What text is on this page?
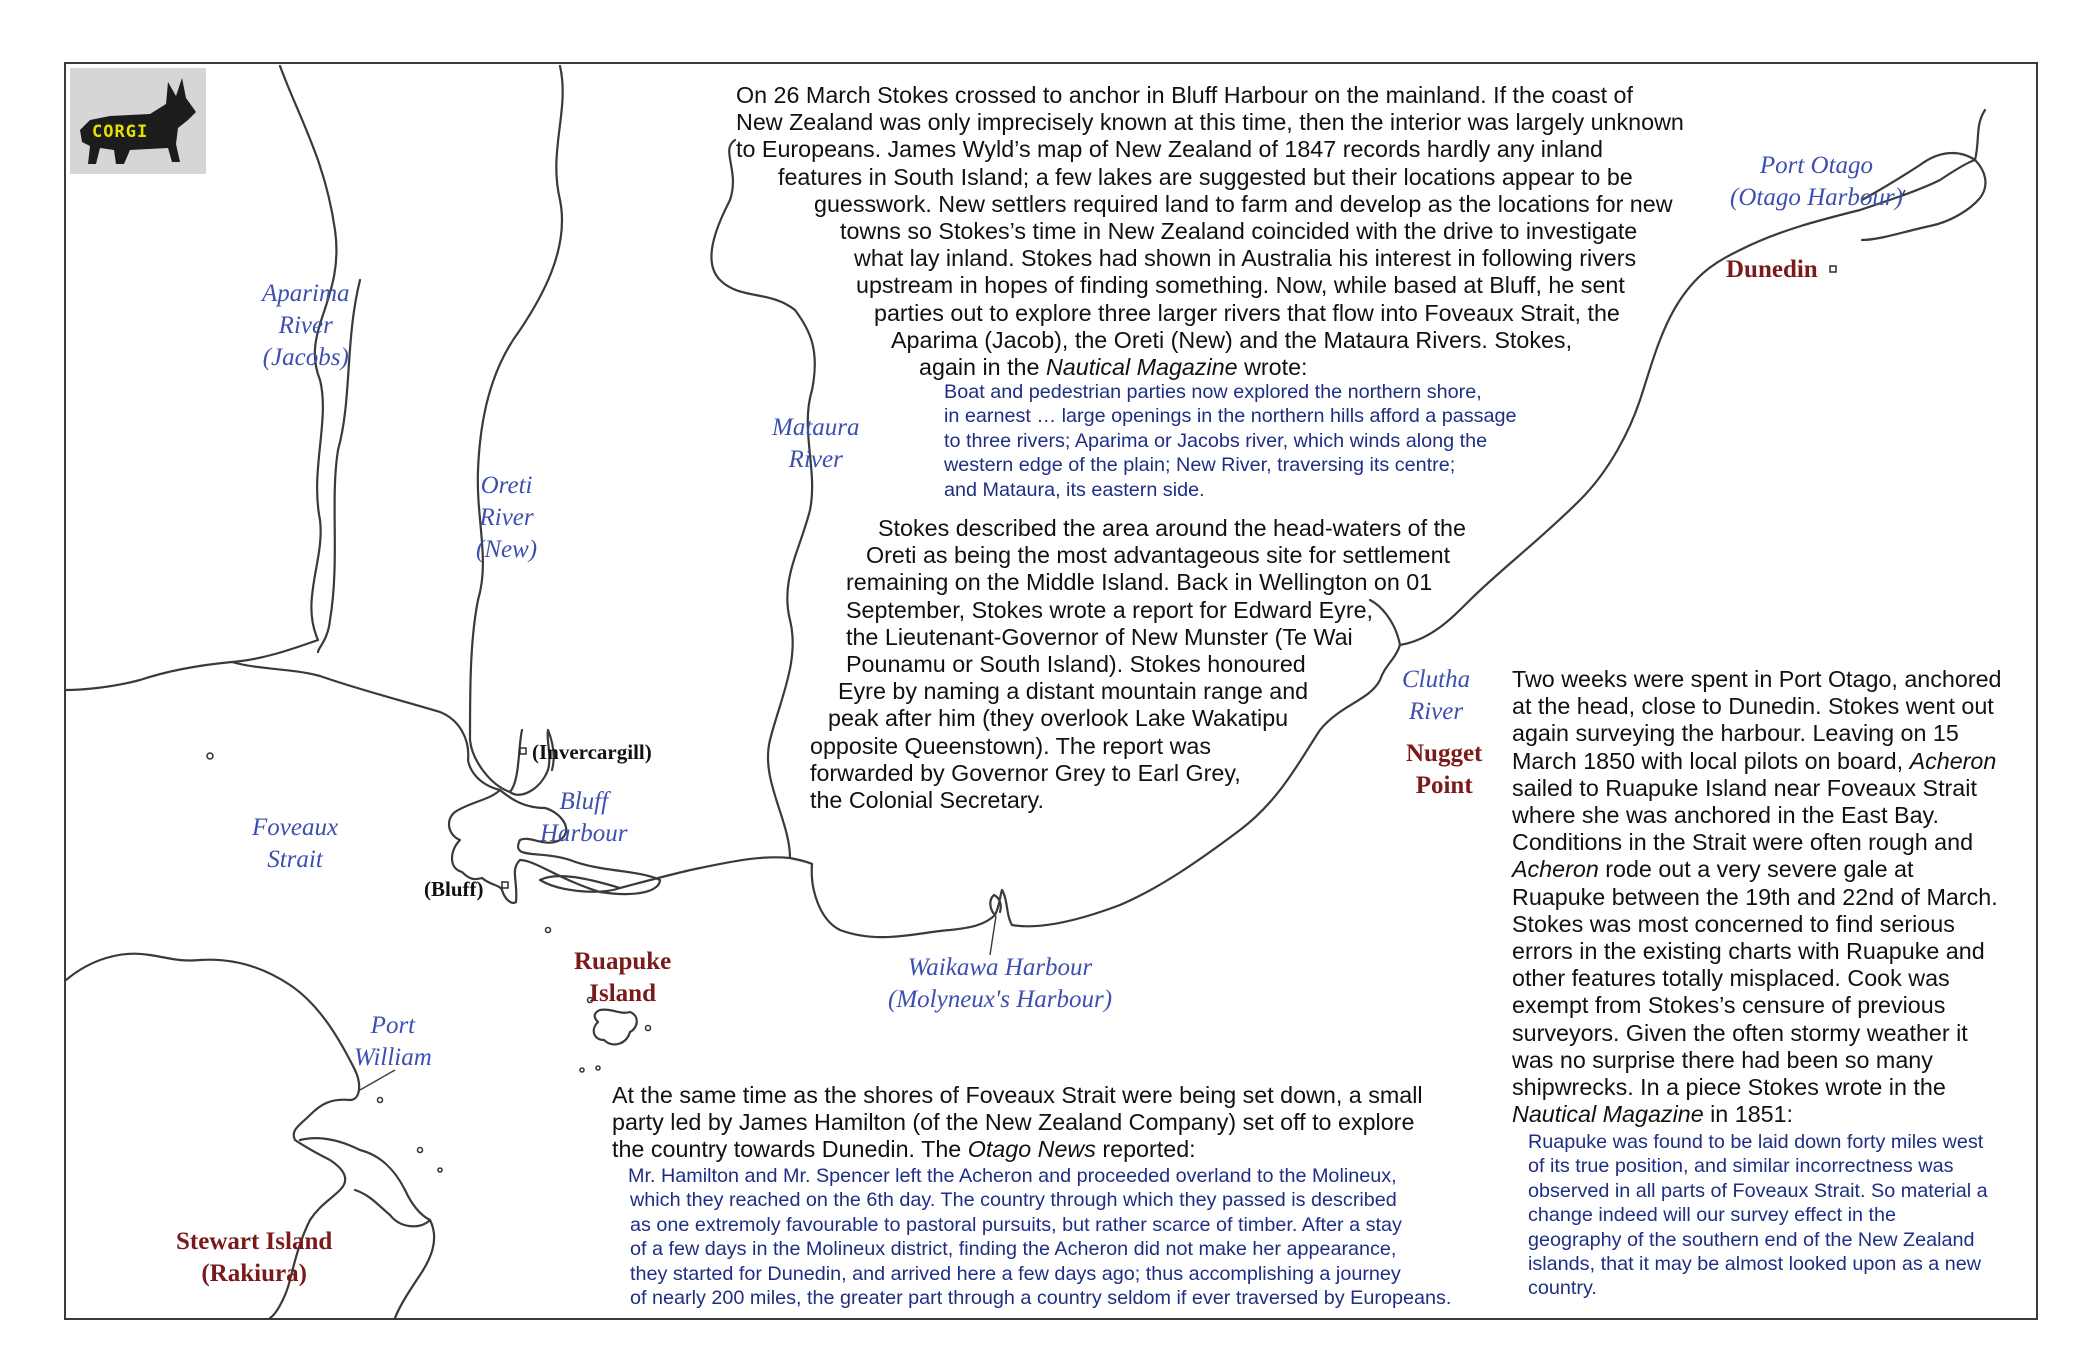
CORGI
Aparima
River
(Jacobs)
Oreti
River
(New)
Mataura
River
Foveaux
Strait
Bluff
Harbour
(Invercargill)
(Bluff)
Ruapuke
Island
Port
William
Stewart Island
(Rakiura)
Waikawa Harbour
(Molyneux's Harbour)
Clutha
River
Nugget
Point
Dunedin
Port Otago
(Otago Harbour)
On 26 March Stokes crossed to anchor in Bluff Harbour on the mainland. If the coast of
New Zealand was only imprecisely known at this time, then the interior was largely unknown
to Europeans. James Wyld’s map of New Zealand of 1847 records hardly any inland
features in South Island; a few lakes are suggested but their locations appear to be
guesswork. New settlers required land to farm and develop as the locations for new
towns so Stokes’s time in New Zealand coincided with the drive to investigate
what lay inland. Stokes had shown in Australia his interest in following rivers
upstream in hopes of finding something. Now, while based at Bluff, he sent
parties out to explore three larger rivers that flow into Foveaux Strait, the
Aparima (Jacob), the Oreti (New) and the Mataura Rivers. Stokes,
again in the Nautical Magazine wrote:
Boat and pedestrian parties now explored the northern shore,
in earnest … large openings in the northern hills afford a passage
to three rivers; Aparima or Jacobs river, which winds along the
western edge of the plain; New River, traversing its centre;
and Mataura, its eastern side.
Stokes described the area around the head-waters of the
Oreti as being the most advantageous site for settlement
remaining on the Middle Island. Back in Wellington on 01
September, Stokes wrote a report for Edward Eyre,
the Lieutenant-Governor of New Munster (Te Wai
Pounamu or South Island). Stokes honoured
Eyre by naming a distant mountain range and
peak after him (they overlook Lake Wakatipu
opposite Queenstown). The report was
forwarded by Governor Grey to Earl Grey,
the Colonial Secretary.
At the same time as the shores of Foveaux Strait were being set down, a small
party led by James Hamilton (of the New Zealand Company) set off to explore
the country towards Dunedin. The Otago News reported:
Mr. Hamilton and Mr. Spencer left the Acheron and proceeded overland to the Molineux,
which they reached on the 6th day. The country through which they passed is described
as one extremoly favourable to pastoral pursuits, but rather scarce of timber. After a stay
of a few days in the Molineux district, finding the Acheron did not make her appearance,
they started for Dunedin, and arrived here a few days ago; thus accomplishing a journey
of nearly 200 miles, the greater part through a country seldom if ever traversed by Europeans.
Two weeks were spent in Port Otago, anchored
at the head, close to Dunedin. Stokes went out
again surveying the harbour. Leaving on 15
March 1850 with local pilots on board, Acheron
sailed to Ruapuke Island near Foveaux Strait
where she was anchored in the East Bay.
Conditions in the Strait were often rough and
Acheron rode out a very severe gale at
Ruapuke between the 19th and 22nd of March.
Stokes was most concerned to find serious
errors in the existing charts with Ruapuke and
other features totally misplaced. Cook was
exempt from Stokes’s censure of previous
surveyors. Given the often stormy weather it
was no surprise there had been so many
shipwrecks. In a piece Stokes wrote in the
Nautical Magazine in 1851:
Ruapuke was found to be laid down forty miles west
of its true position, and similar incorrectness was
observed in all parts of Foveaux Strait. So material a
change indeed will our survey effect in the
geography of the southern end of the New Zealand
islands, that it may be almost looked upon as a new
country.
